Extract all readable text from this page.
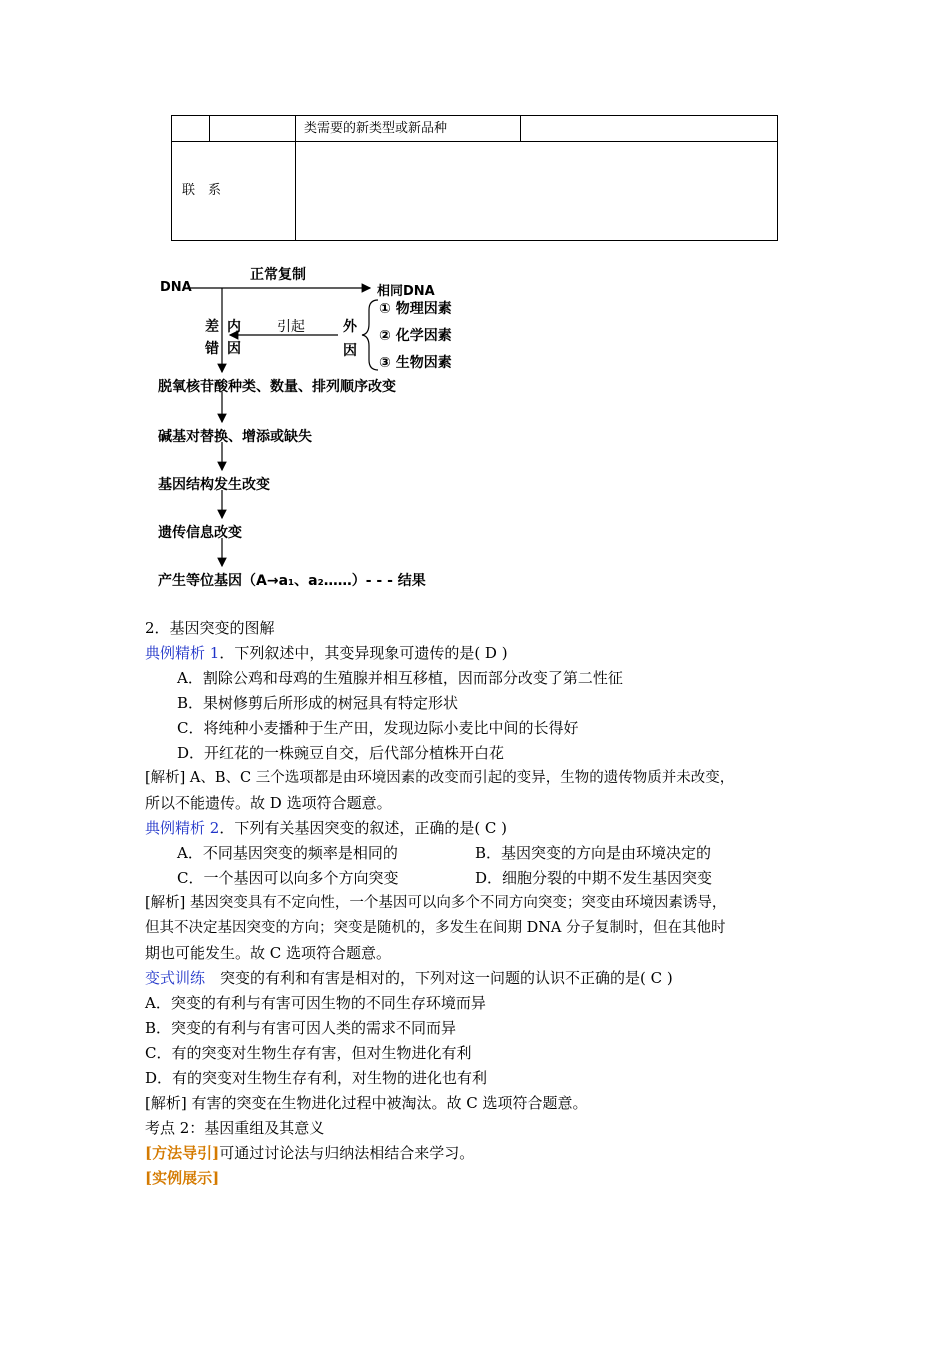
类需要的新类型或新品种
联　系
DNA
正常复制
相同DNA
差
错
内
因
引起	外
因
① 物理因素
② 化学因素
③ 生物因素
脱氧核苷酸种类、数量、排列顺序改变
碱基对替换、增添或缺失
基因结构发生改变
遗传信息改变
产生等位基因（A→a₁、a₂……）- - - 结果
2．基因突变的图解
典例精析 1．下列叙述中，其变异现象可遗传的是( D )
A．割除公鸡和母鸡的生殖腺并相互移植，因而部分改变了第二性征
B．果树修剪后所形成的树冠具有特定形状
C．将纯种小麦播种于生产田，发现边际小麦比中间的长得好
D．开红花的一株豌豆自交，后代部分植株开白花
[解析] A、B、C 三个选项都是由环境因素的改变而引起的变异，生物的遗传物质并未改变，
所以不能遗传。故 D 选项符合题意。
典例精析 2．下列有关基因突变的叙述，正确的是( C )
A．不同基因突变的频率是相同的	B．基因突变的方向是由环境决定的
C．一个基因可以向多个方向突变	D．细胞分裂的中期不发生基因突变
[解析] 基因突变具有不定向性，一个基因可以向多个不同方向突变；突变由环境因素诱导，
但其不决定基因突变的方向；突变是随机的，多发生在间期 DNA 分子复制时，但在其他时
期也可能发生。故 C 选项符合题意。
变式训练　突变的有利和有害是相对的，下列对这一问题的认识不正确的是( C )
A．突变的有利与有害可因生物的不同生存环境而异
B．突变的有利与有害可因人类的需求不同而异
C．有的突变对生物生存有害，但对生物进化有利
D．有的突变对生物生存有利，对生物的进化也有利
[解析] 有害的突变在生物进化过程中被淘汰。故 C 选项符合题意。
考点 2：基因重组及其意义
[方法导引]可通过讨论法与归纳法相结合来学习。
[实例展示]
